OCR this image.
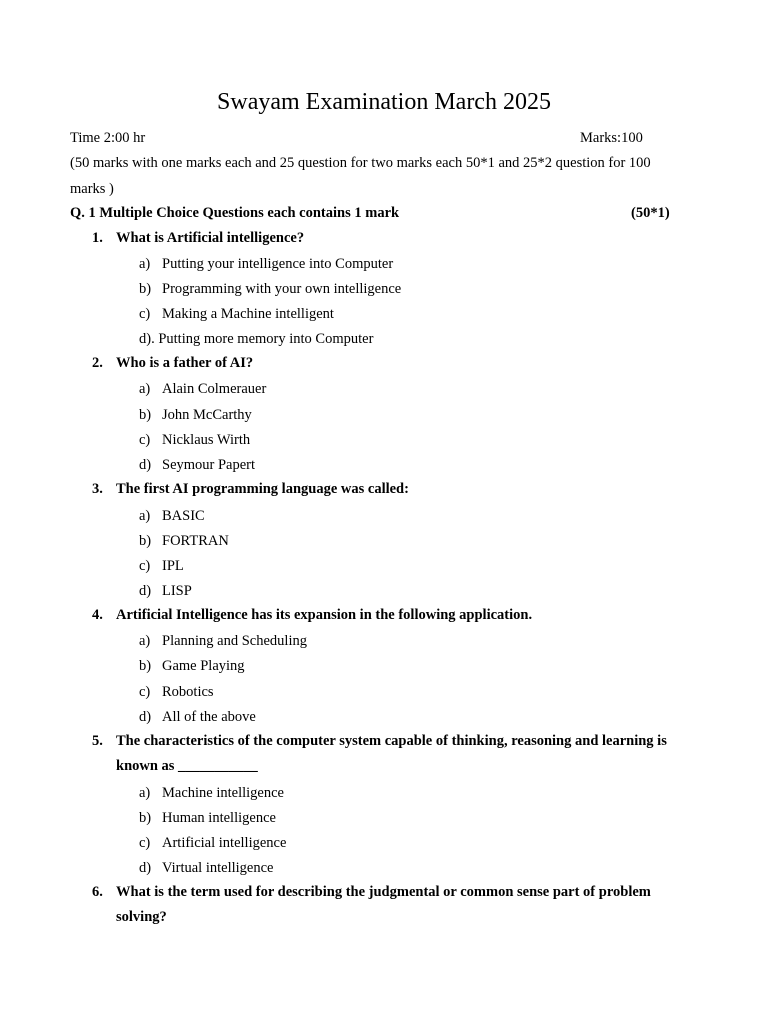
Swayam Examination March 2025
Time 2:00 hr	Marks:100
(50 marks with one marks each and 25 question for two marks each 50*1 and 25*2 question for 100
marks )
Q. 1 Multiple Choice Questions each contains 1 mark	(50*1)
1. What is Artificial intelligence?
a) Putting your intelligence into Computer
b) Programming with your own intelligence
c) Making a Machine intelligent
d). Putting more memory into Computer
2. Who is a father of AI?
a) Alain Colmerauer
b) John McCarthy
c) Nicklaus Wirth
d) Seymour Papert
3. The first AI programming language was called:
a) BASIC
b) FORTRAN
c) IPL
d) LISP
4. Artificial Intelligence has its expansion in the following application.
a) Planning and Scheduling
b) Game Playing
c) Robotics
d) All of the above
5. The characteristics of the computer system capable of thinking, reasoning and learning is known as ___________
a) Machine intelligence
b) Human intelligence
c) Artificial intelligence
d) Virtual intelligence
6. What is the term used for describing the judgmental or common sense part of problem solving?
